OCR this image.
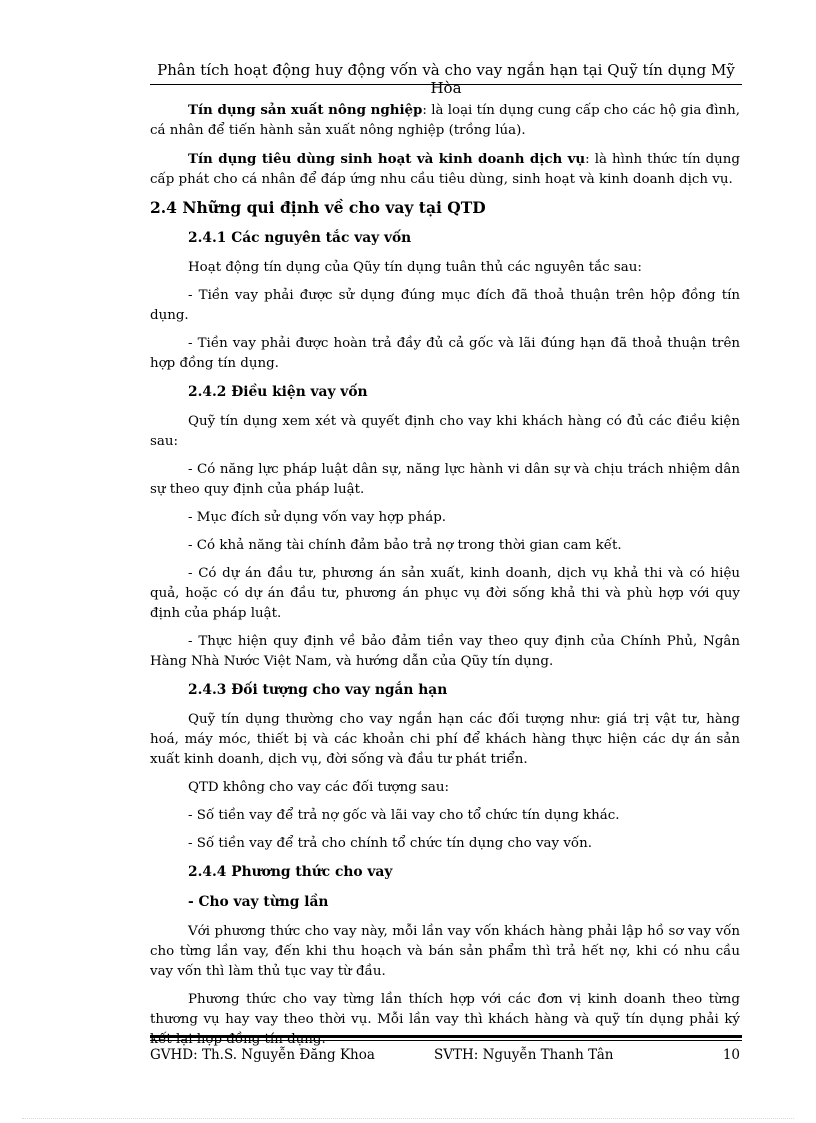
Phân tích hoạt động huy động vốn và cho vay ngắn hạn tại Quỹ tín dụng Mỹ Hòa

Tín dụng sản xuất nông nghiệp: là loại tín dụng cung cấp cho các hộ gia đình, cá nhân để tiến hành sản xuất nông nghiệp (trồng lúa).

Tín dụng tiêu dùng sinh hoạt và kinh doanh dịch vụ: là hình thức tín dụng cấp phát cho cá nhân để đáp ứng nhu cầu tiêu dùng, sinh hoạt và kinh doanh dịch vụ.

2.4 Những qui định về cho vay tại QTD

2.4.1 Các nguyên tắc vay vốn

Hoạt động tín dụng của Qũy tín dụng tuân thủ các nguyên tắc sau:

- Tiền vay phải được sử dụng đúng mục đích đã thoả thuận trên hộp đồng tín dụng.

- Tiền vay phải được hoàn trả đầy đủ cả gốc và lãi đúng hạn đã thoả thuận trên hợp đồng tín dụng.

2.4.2 Điều kiện vay vốn

Quỹ tín dụng xem xét và quyết định cho vay khi khách hàng có đủ các điều kiện sau:

- Có năng lực pháp luật dân sự, năng lực hành vi dân sự và chịu trách nhiệm dân sự theo quy định của pháp luật.

- Mục đích sử dụng vốn vay hợp pháp.

- Có khả năng tài chính đảm bảo trả nợ trong thời gian cam kết.

- Có dự án đầu tư, phương án sản xuất, kinh doanh, dịch vụ khả thi và có hiệu quả, hoặc có dự án đầu tư, phương án phục vụ đời sống khả thi và phù hợp với quy định của pháp luật.

- Thực hiện quy định về bảo đảm tiền vay theo quy định của Chính Phủ, Ngân Hàng Nhà Nước Việt Nam, và hướng dẫn của Qũy tín dụng.

2.4.3 Đối tượng cho vay ngắn hạn

Quỹ tín dụng thường cho vay ngắn hạn các đối tượng như: giá trị vật tư, hàng hoá, máy móc, thiết bị và các khoản chi phí để khách hàng thực hiện các dự án sản xuất kinh doanh, dịch vụ, đời sống và đầu tư phát triển.

QTD không cho vay các đối tượng sau:

- Số tiền vay để trả nợ gốc và lãi vay cho tổ chức tín dụng khác.

- Số tiền vay để trả cho chính tổ chức tín dụng cho vay vốn.

2.4.4 Phương thức cho vay

- Cho vay từng lần

Với phương thức cho vay này, mỗi lần vay vốn khách hàng phải lập hồ sơ vay vốn cho từng lần vay, đến khi thu hoạch và bán sản phẩm thì trả hết nợ, khi có nhu cầu vay vốn thì làm thủ tục vay từ đầu.

Phương thức cho vay từng lần thích hợp với các đơn vị kinh doanh theo từng thương vụ hay vay theo thời vụ. Mỗi lần vay thì khách hàng và quỹ tín dụng phải ký

GVHD: Th.S. Nguyễn Đăng Khoa	SVTH: Nguyễn Thanh Tân	10
